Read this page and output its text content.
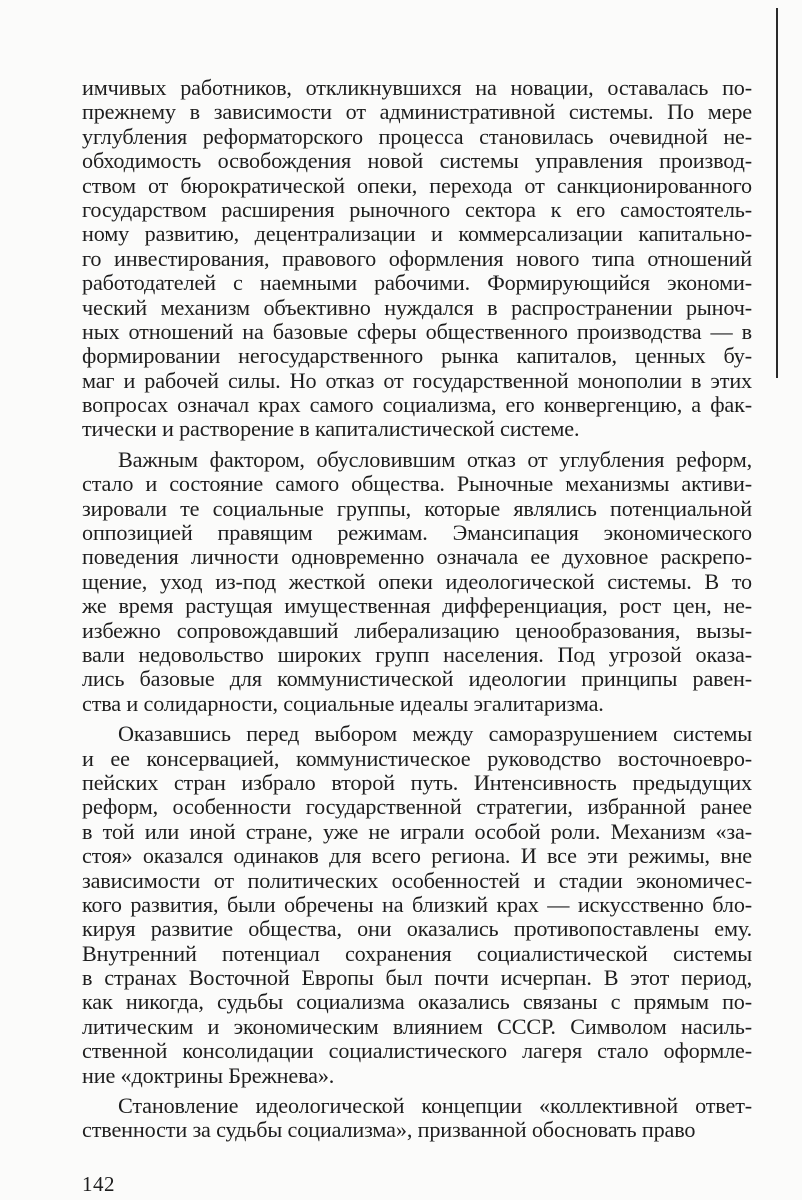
имчивых работников, откликнувшихся на новации, оставалась по-
прежнему в зависимости от административной системы. По мере
углубления реформаторского процесса становилась очевидной не-
обходимость освобождения новой системы управления производ-
ством от бюрократической опеки, перехода от санкционированного
государством расширения рыночного сектора к его самостоятель-
ному развитию, децентрализации и коммерсализации капитально-
го инвестирования, правового оформления нового типа отношений
работодателей с наемными рабочими. Формирующийся экономи-
ческий механизм объективно нуждался в распространении рыноч-
ных отношений на базовые сферы общественного производства — в
формировании негосударственного рынка капиталов, ценных бу-
маг и рабочей силы. Но отказ от государственной монополии в этих
вопросах означал крах самого социализма, его конвергенцию, а фак-
тически и растворение в капиталистической системе.
Важным фактором, обусловившим отказ от углубления реформ,
стало и состояние самого общества. Рыночные механизмы активи-
зировали те социальные группы, которые являлись потенциальной
оппозицией правящим режимам. Эмансипация экономического
поведения личности одновременно означала ее духовное раскрепо-
щение, уход из-под жесткой опеки идеологической системы. В то
же время растущая имущественная дифференциация, рост цен, не-
избежно сопровождавший либерализацию ценообразования, вызы-
вали недовольство широких групп населения. Под угрозой оказа-
лись базовые для коммунистической идеологии принципы равен-
ства и солидарности, социальные идеалы эгалитаризма.
Оказавшись перед выбором между саморазрушением системы
и ее консервацией, коммунистическое руководство восточноевро-
пейских стран избрало второй путь. Интенсивность предыдущих
реформ, особенности государственной стратегии, избранной ранее
в той или иной стране, уже не играли особой роли. Механизм «за-
стоя» оказался одинаков для всего региона. И все эти режимы, вне
зависимости от политических особенностей и стадии экономичес-
кого развития, были обречены на близкий крах — искусственно бло-
кируя развитие общества, они оказались противопоставлены ему.
Внутренний потенциал сохранения социалистической системы
в странах Восточной Европы был почти исчерпан. В этот период,
как никогда, судьбы социализма оказались связаны с прямым по-
литическим и экономическим влиянием СССР. Символом насиль-
ственной консолидации социалистического лагеря стало оформле-
ние «доктрины Брежнева».
Становление идеологической концепции «коллективной ответ-
ственности за судьбы социализма», призванной обосновать право
142
